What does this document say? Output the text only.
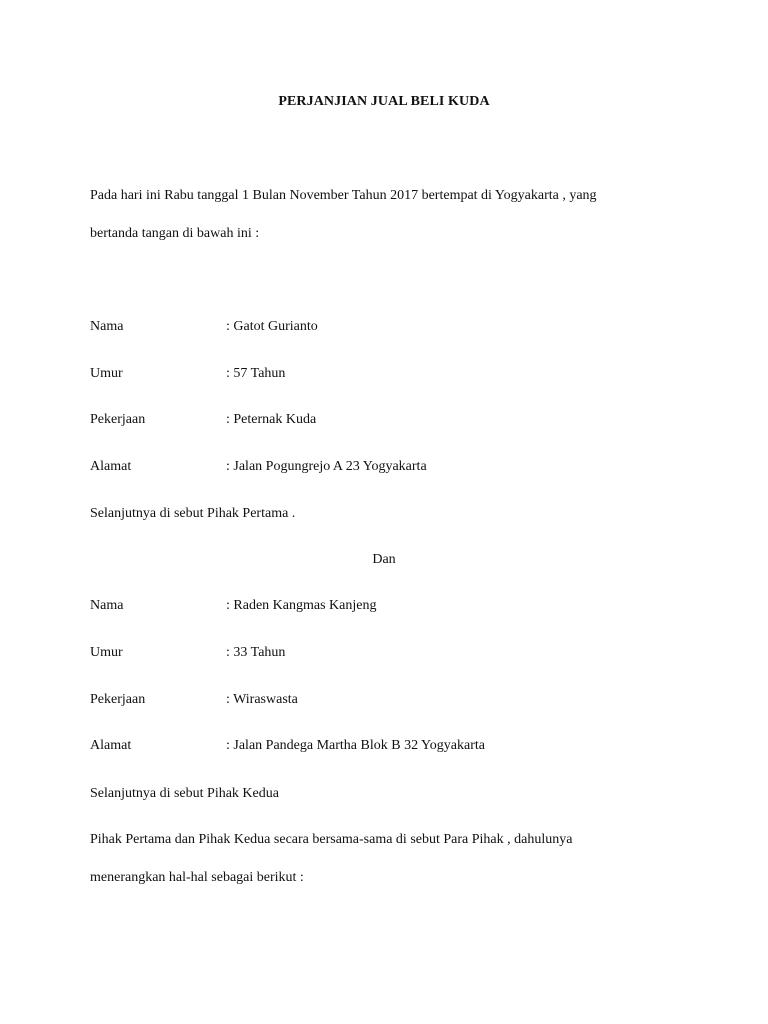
PERJANJIAN JUAL BELI KUDA
Pada hari ini Rabu tanggal 1 Bulan November Tahun 2017 bertempat di Yogyakarta , yang
bertanda tangan di bawah ini :
Nama	: Gatot Gurianto
Umur	: 57 Tahun
Pekerjaan	: Peternak Kuda
Alamat	: Jalan Pogungrejo A 23 Yogyakarta
Selanjutnya di sebut Pihak Pertama .
Dan
Nama	: Raden Kangmas Kanjeng
Umur	: 33 Tahun
Pekerjaan	: Wiraswasta
Alamat	: Jalan Pandega Martha Blok B 32 Yogyakarta
Selanjutnya di sebut Pihak Kedua
Pihak Pertama dan Pihak Kedua secara bersama-sama di sebut Para Pihak , dahulunya
menerangkan hal-hal sebagai berikut :
